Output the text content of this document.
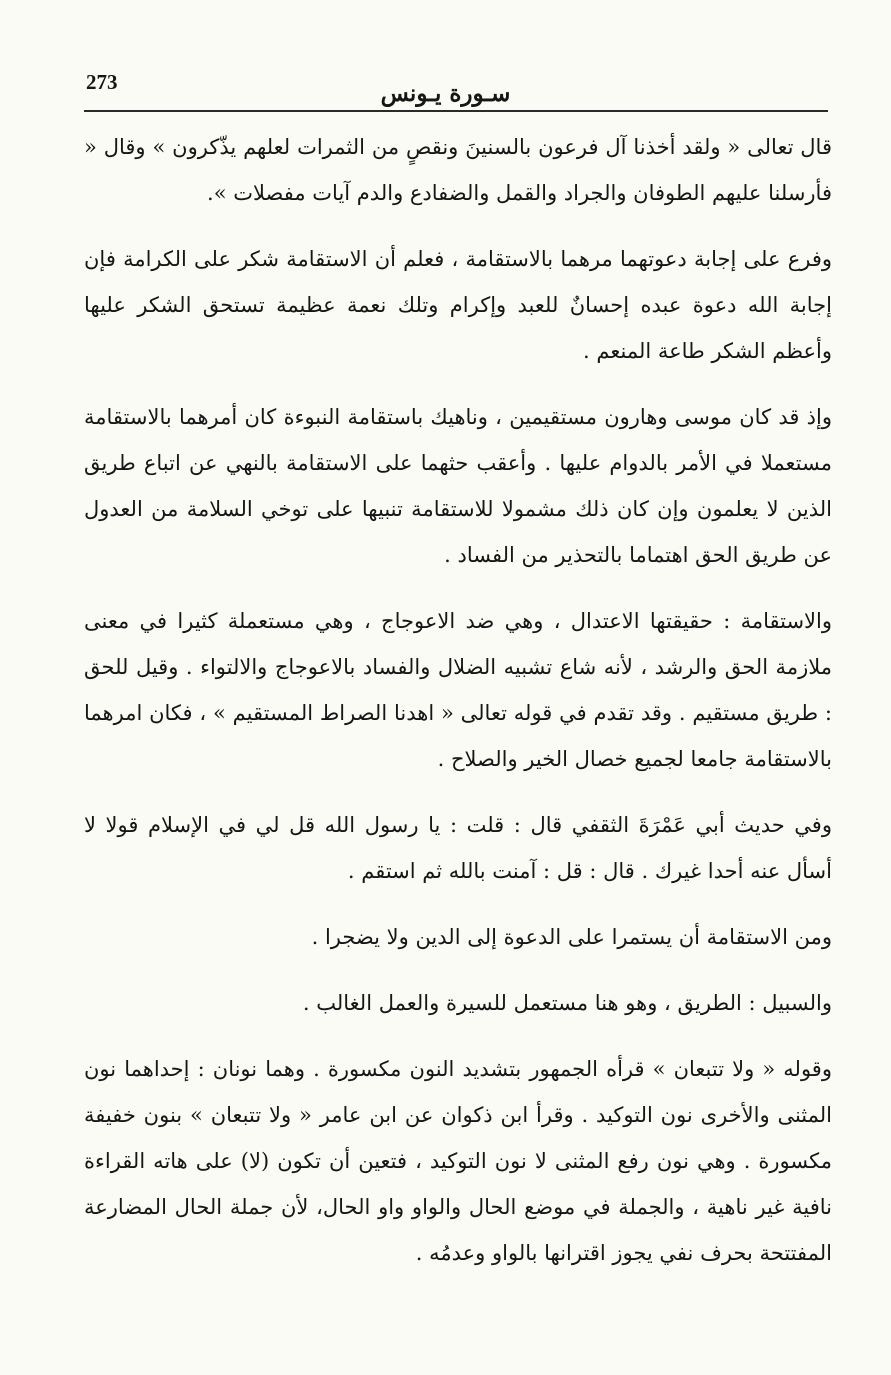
273	سـورة يـونس

قال تعالى « ولقد أخذنا آل فرعون بالسنينَ ونقصٍ من الثمرات لعلهم يذّكرون » وقال « فأرسلنا عليهم الطوفان والجراد والقمل والضفادع والدم آيات مفصلات ».

وفرع على إجابة دعوتهما مرهما بالاستقامة ، فعلم أن الاستقامة شكر على الكرامة فإن إجابة الله دعوة عبده إحسانٌ للعبد وإكرام وتلك نعمة عظيمة تستحق الشكر عليها وأعظم الشكر طاعة المنعم .

وإذ قد كان موسى وهارون مستقيمين ، وناهيك باستقامة النبوءة كان أمرهما بالاستقامة مستعملا في الأمر بالدوام عليها . وأعقب حثهما على الاستقامة بالنهي عن اتباع طريق الذين لا يعلمون وإن كان ذلك مشمولا للاستقامة تنبيها على توخي السلامة من العدول عن طريق الحق اهتماما بالتحذير من الفساد .

والاستقامة : حقيقتها الاعتدال ، وهي ضد الاعوجاج ، وهي مستعملة كثيرا في معنى ملازمة الحق والرشد ، لأنه شاع تشبيه الضلال والفساد بالاعوجاج والالتواء . وقيل للحق : طريق مستقيم . وقد تقدم في قوله تعالى « اهدنا الصراط المستقيم » ، فكان امرهما بالاستقامة جامعا لجميع خصال الخير والصلاح .

وفي حديث أبي عَمْرَةَ الثقفي قال : قلت : يا رسول الله قل لي في الإسلام قولا لا أسأل عنه أحدا غيرك . قال : قل : آمنت بالله ثم استقم .

ومن الاستقامة أن يستمرا على الدعوة إلى الدين ولا يضجرا .

والسبيل : الطريق ، وهو هنا مستعمل للسيرة والعمل الغالب .

وقوله « ولا تتبعان » قرأه الجمهور بتشديد النون مكسورة . وهما نونان : إحداهما نون المثنى والأخرى نون التوكيد . وقرأ ابن ذكوان عن ابن عامر « ولا تتبعان » بنون خفيفة مكسورة . وهي نون رفع المثنى لا نون التوكيد ، فتعين أن تكون (لا) على هاته القراءة نافية غير ناهية ، والجملة في موضع الحال والواو واو الحال، لأن جملة الحال المضارعة المفتتحة بحرف نفي يجوز اقترانها بالواو وعدمُه .
